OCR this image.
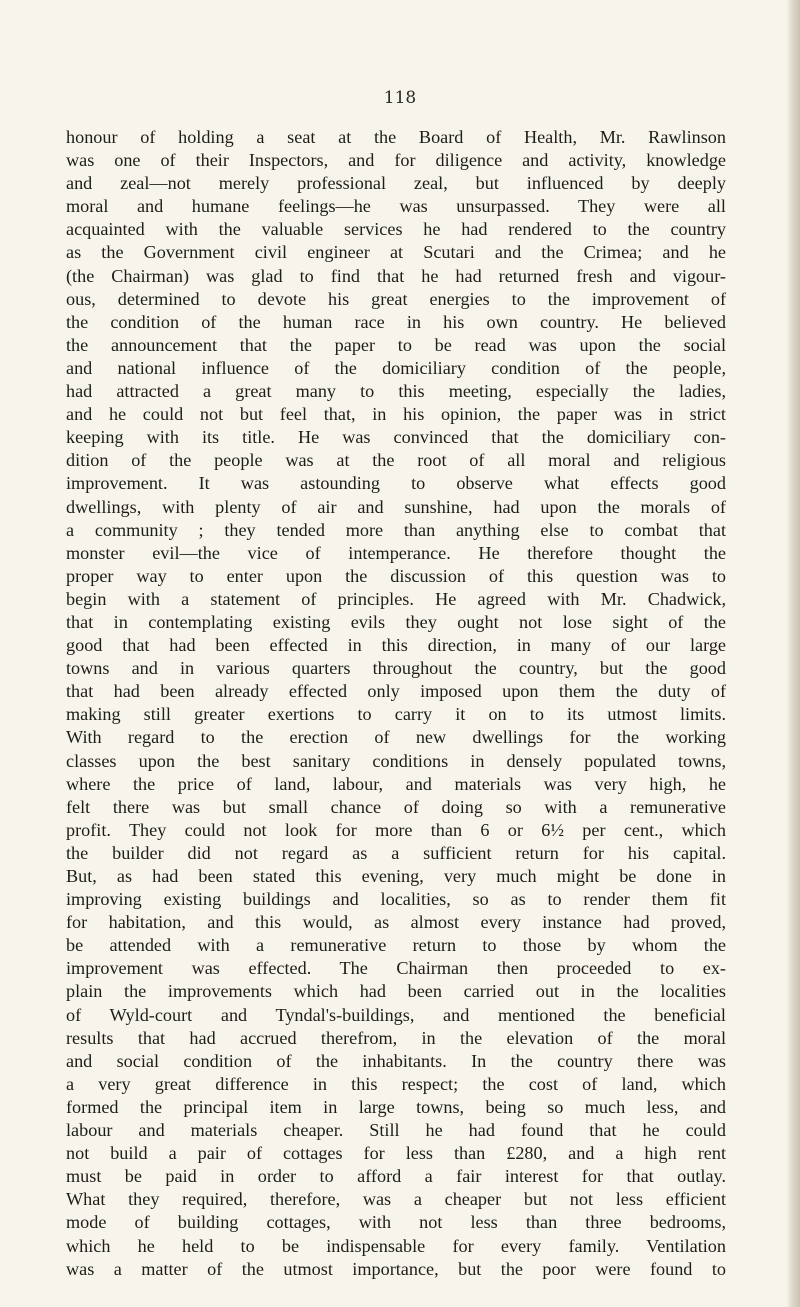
118

honour of holding a seat at the Board of Health, Mr. Rawlinson
was one of their Inspectors, and for diligence and activity, knowledge
and zeal—not merely professional zeal, but influenced by deeply
moral and humane feelings—he was unsurpassed. They were all
acquainted with the valuable services he had rendered to the country
as the Government civil engineer at Scutari and the Crimea; and he
(the Chairman) was glad to find that he had returned fresh and vigour-
ous, determined to devote his great energies to the improvement of
the condition of the human race in his own country. He believed
the announcement that the paper to be read was upon the social
and national influence of the domiciliary condition of the people,
had attracted a great many to this meeting, especially the ladies,
and he could not but feel that, in his opinion, the paper was in strict
keeping with its title. He was convinced that the domiciliary con-
dition of the people was at the root of all moral and religious
improvement. It was astounding to observe what effects good
dwellings, with plenty of air and sunshine, had upon the morals of
a community ; they tended more than anything else to combat that
monster evil—the vice of intemperance. He therefore thought the
proper way to enter upon the discussion of this question was to
begin with a statement of principles. He agreed with Mr. Chadwick,
that in contemplating existing evils they ought not lose sight of the
good that had been effected in this direction, in many of our large
towns and in various quarters throughout the country, but the good
that had been already effected only imposed upon them the duty of
making still greater exertions to carry it on to its utmost limits.
With regard to the erection of new dwellings for the working
classes upon the best sanitary conditions in densely populated towns,
where the price of land, labour, and materials was very high, he
felt there was but small chance of doing so with a remunerative
profit. They could not look for more than 6 or 6½ per cent., which
the builder did not regard as a sufficient return for his capital.
But, as had been stated this evening, very much might be done in
improving existing buildings and localities, so as to render them fit
for habitation, and this would, as almost every instance had proved,
be attended with a remunerative return to those by whom the
improvement was effected. The Chairman then proceeded to ex-
plain the improvements which had been carried out in the localities
of Wyld-court and Tyndal's-buildings, and mentioned the beneficial
results that had accrued therefrom, in the elevation of the moral
and social condition of the inhabitants. In the country there was
a very great difference in this respect; the cost of land, which
formed the principal item in large towns, being so much less, and
labour and materials cheaper. Still he had found that he could
not build a pair of cottages for less than £280, and a high rent
must be paid in order to afford a fair interest for that outlay.
What they required, therefore, was a cheaper but not less efficient
mode of building cottages, with not less than three bedrooms,
which he held to be indispensable for every family. Ventilation
was a matter of the utmost importance, but the poor were found to
